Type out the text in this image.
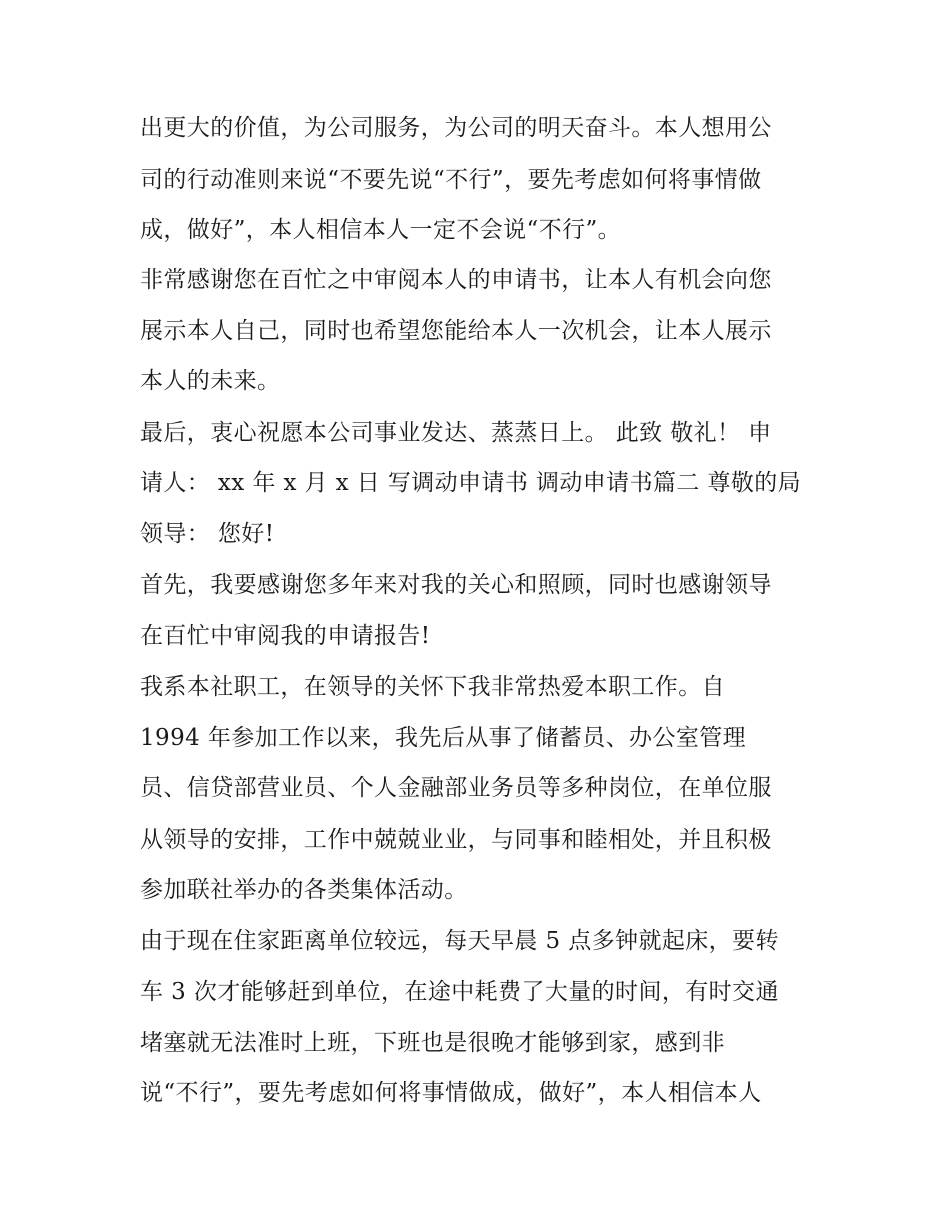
出更大的价值，为公司服务，为公司的明天奋斗。本人想用公
司的行动准则来说“不要先说“不行”，要先考虑如何将事情做
成，做好”，本人相信本人一定不会说“不行”。
非常感谢您在百忙之中审阅本人的申请书，让本人有机会向您
展示本人自己，同时也希望您能给本人一次机会，让本人展示
本人的未来。
最后，衷心祝愿本公司事业发达、蒸蒸日上。 此致 敬礼！ 申
请人： xx 年 x 月 x 日 写调动申请书 调动申请书篇二 尊敬的局
领导： 您好!
首先，我要感谢您多年来对我的关心和照顾，同时也感谢领导
在百忙中审阅我的申请报告!
我系本社职工，在领导的关怀下我非常热爱本职工作。自
1994 年参加工作以来，我先后从事了储蓄员、办公室管理
员、信贷部营业员、个人金融部业务员等多种岗位，在单位服
从领导的安排，工作中兢兢业业，与同事和睦相处，并且积极
参加联社举办的各类集体活动。
由于现在住家距离单位较远，每天早晨 5 点多钟就起床，要转
车 3 次才能够赶到单位，在途中耗费了大量的时间，有时交通
堵塞就无法准时上班，下班也是很晚才能够到家，感到非
说“不行”，要先考虑如何将事情做成，做好”，本人相信本人
